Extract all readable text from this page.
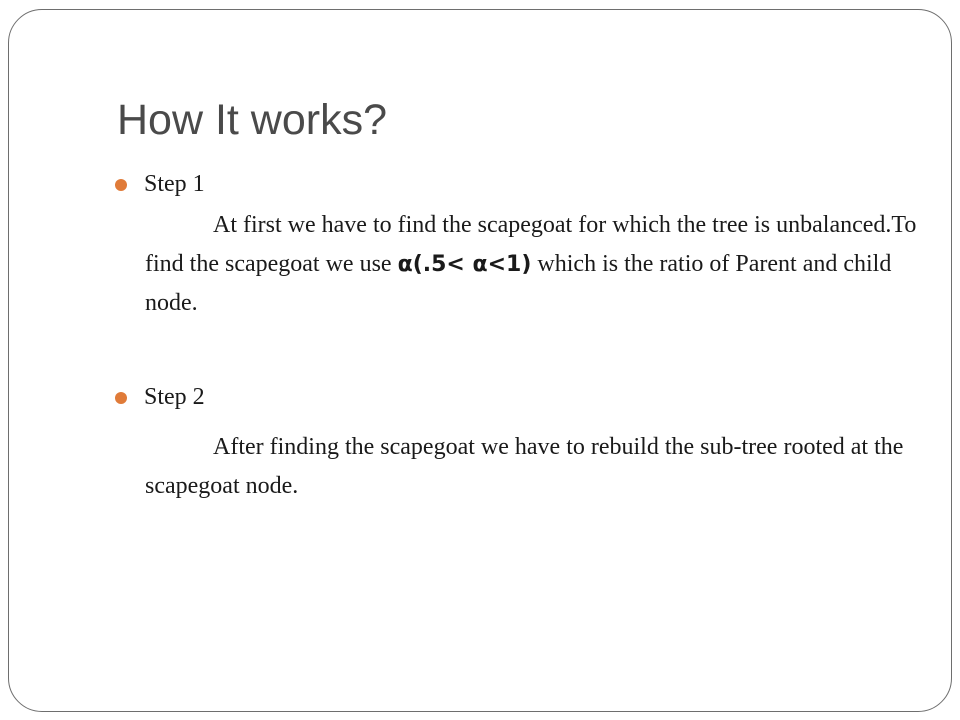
How It works?
Step 1

At first we have to find the scapegoat for which the tree is unbalanced.To find the scapegoat we use α(.5< α<1) which is the ratio of Parent and child node.

Step 2

After finding the scapegoat we have to rebuild the sub-tree rooted at the scapegoat node.
